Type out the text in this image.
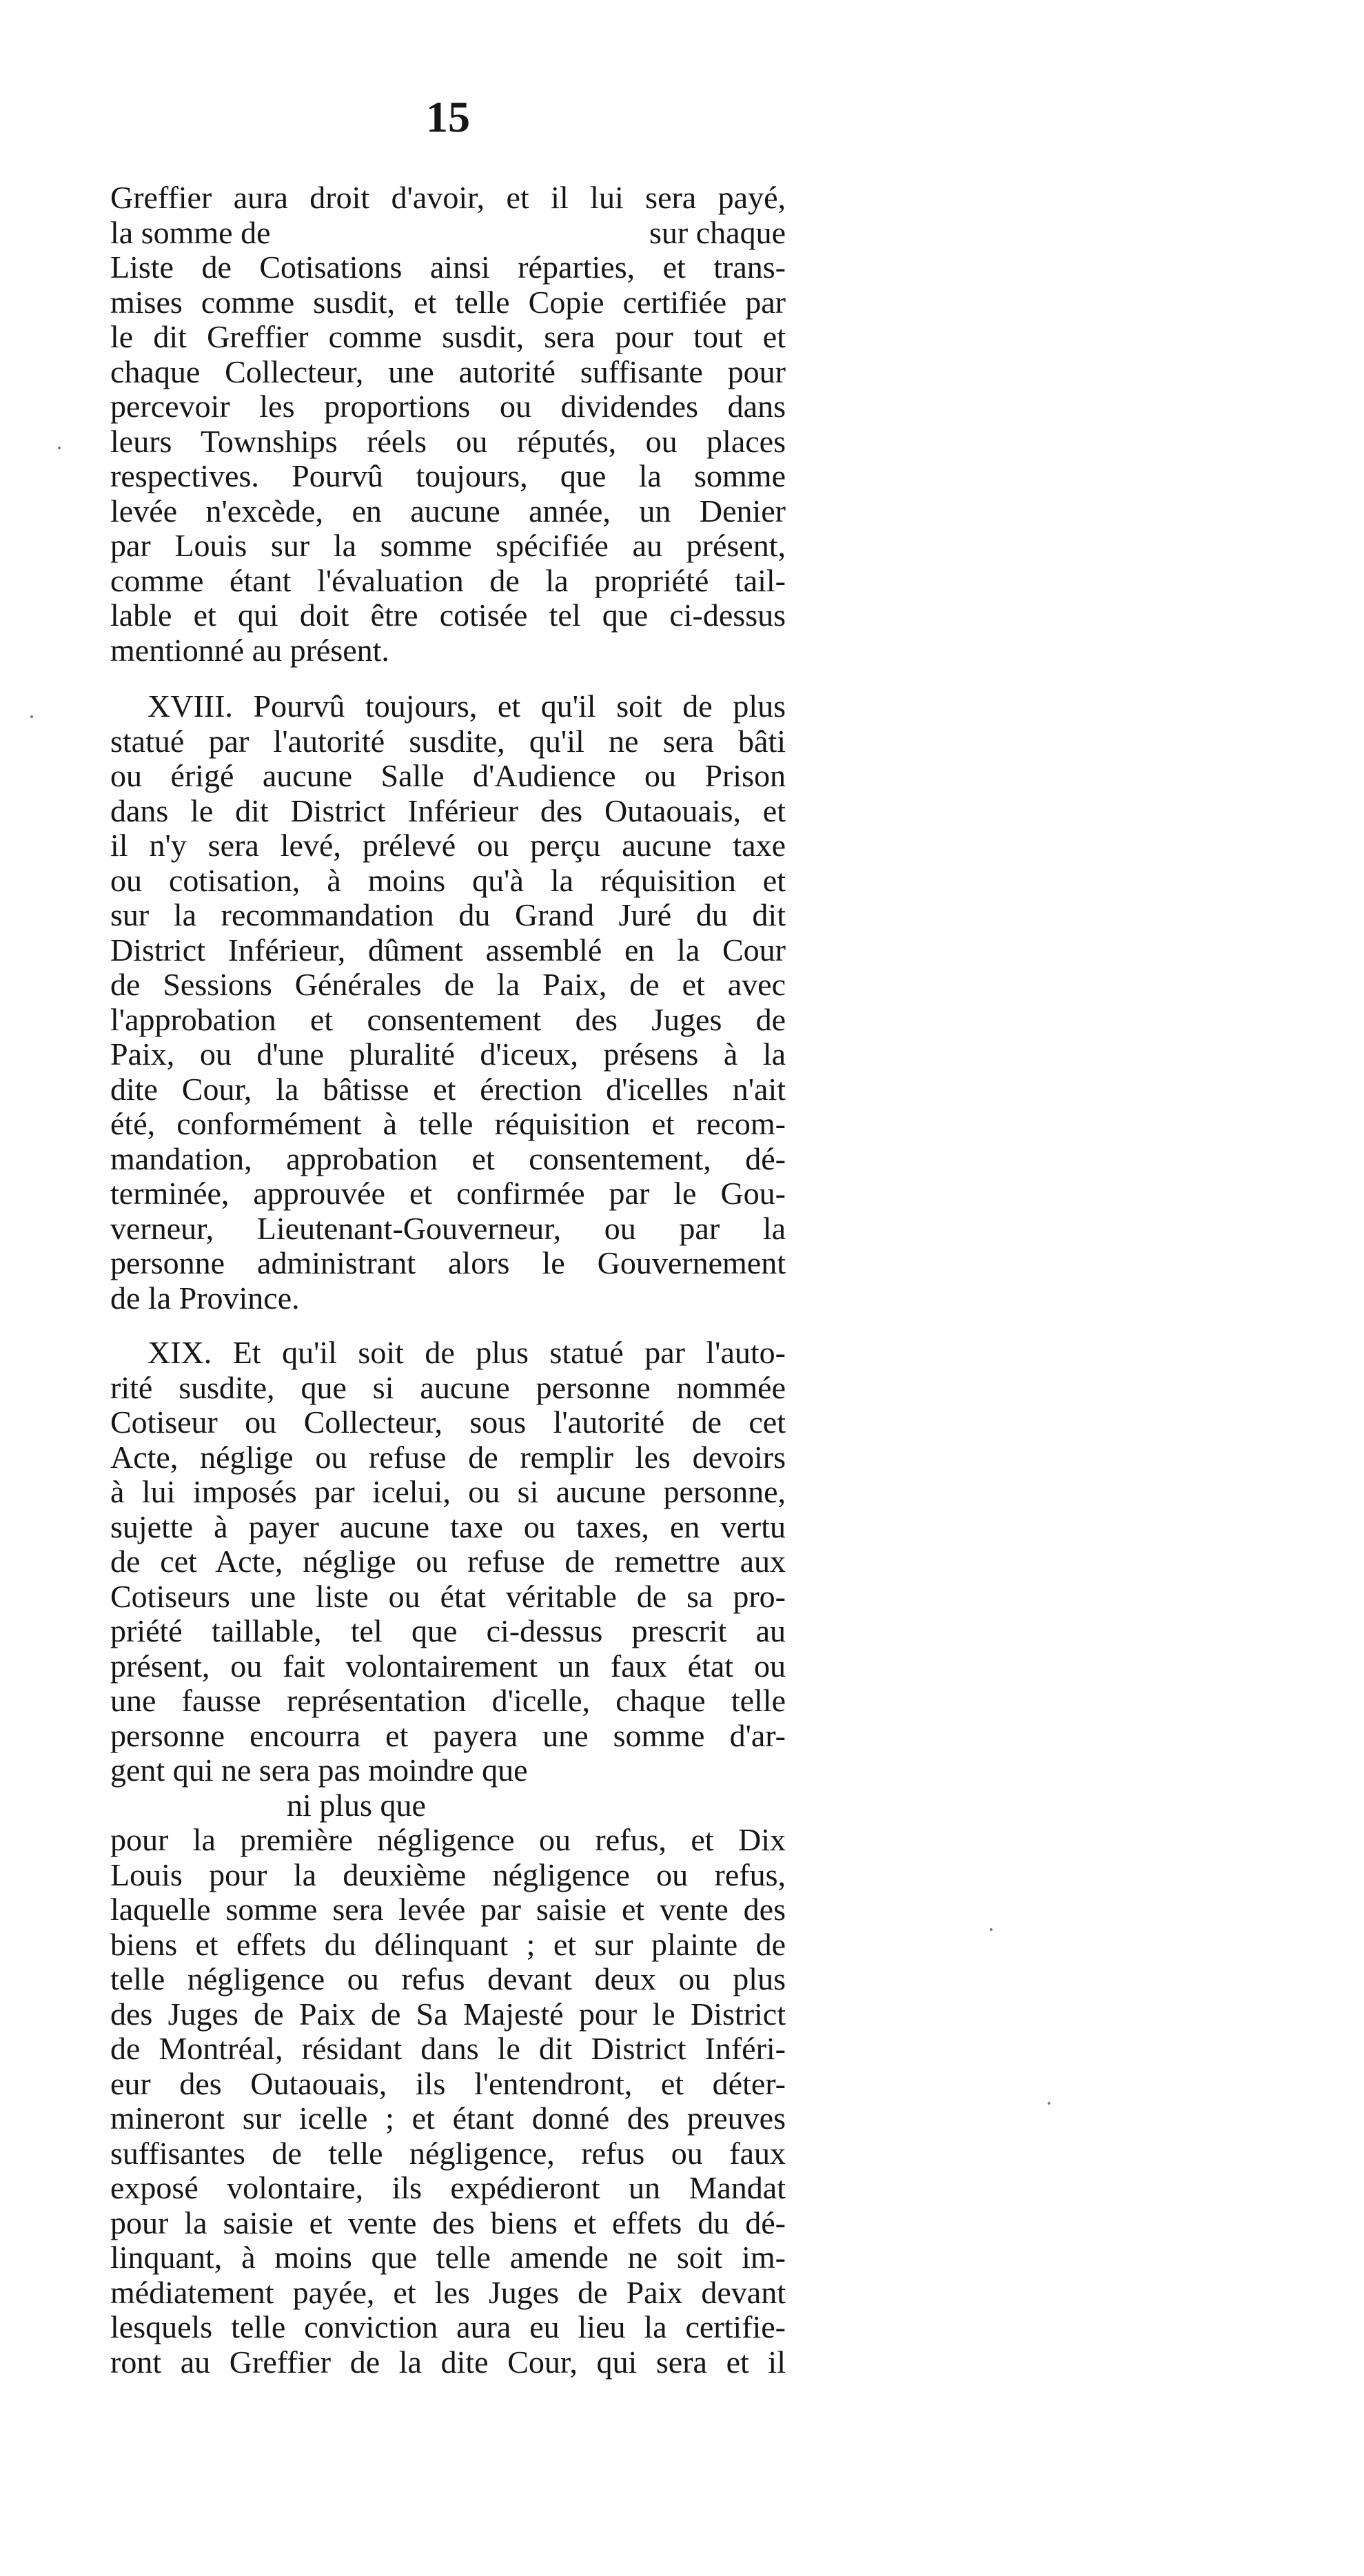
15
Greffier aura droit d'avoir, et il lui sera payé,
la somme de	sur chaque
Liste de Cotisations ainsi réparties, et trans-
mises comme susdit, et telle Copie certifiée par
le dit Greffier comme susdit, sera pour tout et
chaque Collecteur, une autorité suffisante pour
percevoir les proportions ou dividendes dans
leurs Townships réels ou réputés, ou places
respectives. Pourvû toujours, que la somme
levée n'excède, en aucune année, un Denier
par Louis sur la somme spécifiée au présent,
comme étant l'évaluation de la propriété tail-
lable et qui doit être cotisée tel que ci-dessus
mentionné au présent.
XVIII. Pourvû toujours, et qu'il soit de plus
statué par l'autorité susdite, qu'il ne sera bâti
ou érigé aucune Salle d'Audience ou Prison
dans le dit District Inférieur des Outaouais, et
il n'y sera levé, prélevé ou perçu aucune taxe
ou cotisation, à moins qu'à la réquisition et
sur la recommandation du Grand Juré du dit
District Inférieur, dûment assemblé en la Cour
de Sessions Générales de la Paix, de et avec
l'approbation et consentement des Juges de
Paix, ou d'une pluralité d'iceux, présens à la
dite Cour, la bâtisse et érection d'icelles n'ait
été, conformément à telle réquisition et recom-
mandation, approbation et consentement, dé-
terminée, approuvée et confirmée par le Gou-
verneur, Lieutenant-Gouverneur, ou par la
personne administrant alors le Gouvernement
de la Province.
XIX. Et qu'il soit de plus statué par l'auto-
rité susdite, que si aucune personne nommée
Cotiseur ou Collecteur, sous l'autorité de cet
Acte, néglige ou refuse de remplir les devoirs
à lui imposés par icelui, ou si aucune personne,
sujette à payer aucune taxe ou taxes, en vertu
de cet Acte, néglige ou refuse de remettre aux
Cotiseurs une liste ou état véritable de sa pro-
priété taillable, tel que ci-dessus prescrit au
présent, ou fait volontairement un faux état ou
une fausse représentation d'icelle, chaque telle
personne encourra et payera une somme d'ar-
gent qui ne sera pas moindre que
ni plus que
pour la première négligence ou refus, et Dix
Louis pour la deuxième négligence ou refus,
laquelle somme sera levée par saisie et vente des
biens et effets du délinquant ; et sur plainte de
telle négligence ou refus devant deux ou plus
des Juges de Paix de Sa Majesté pour le District
de Montréal, résidant dans le dit District Inféri-
eur des Outaouais, ils l'entendront, et déter-
mineront sur icelle ; et étant donné des preuves
suffisantes de telle négligence, refus ou faux
exposé volontaire, ils expédieront un Mandat
pour la saisie et vente des biens et effets du dé-
linquant, à moins que telle amende ne soit im-
médiatement payée, et les Juges de Paix devant
lesquels telle conviction aura eu lieu la certifie-
ront au Greffier de la dite Cour, qui sera et il
